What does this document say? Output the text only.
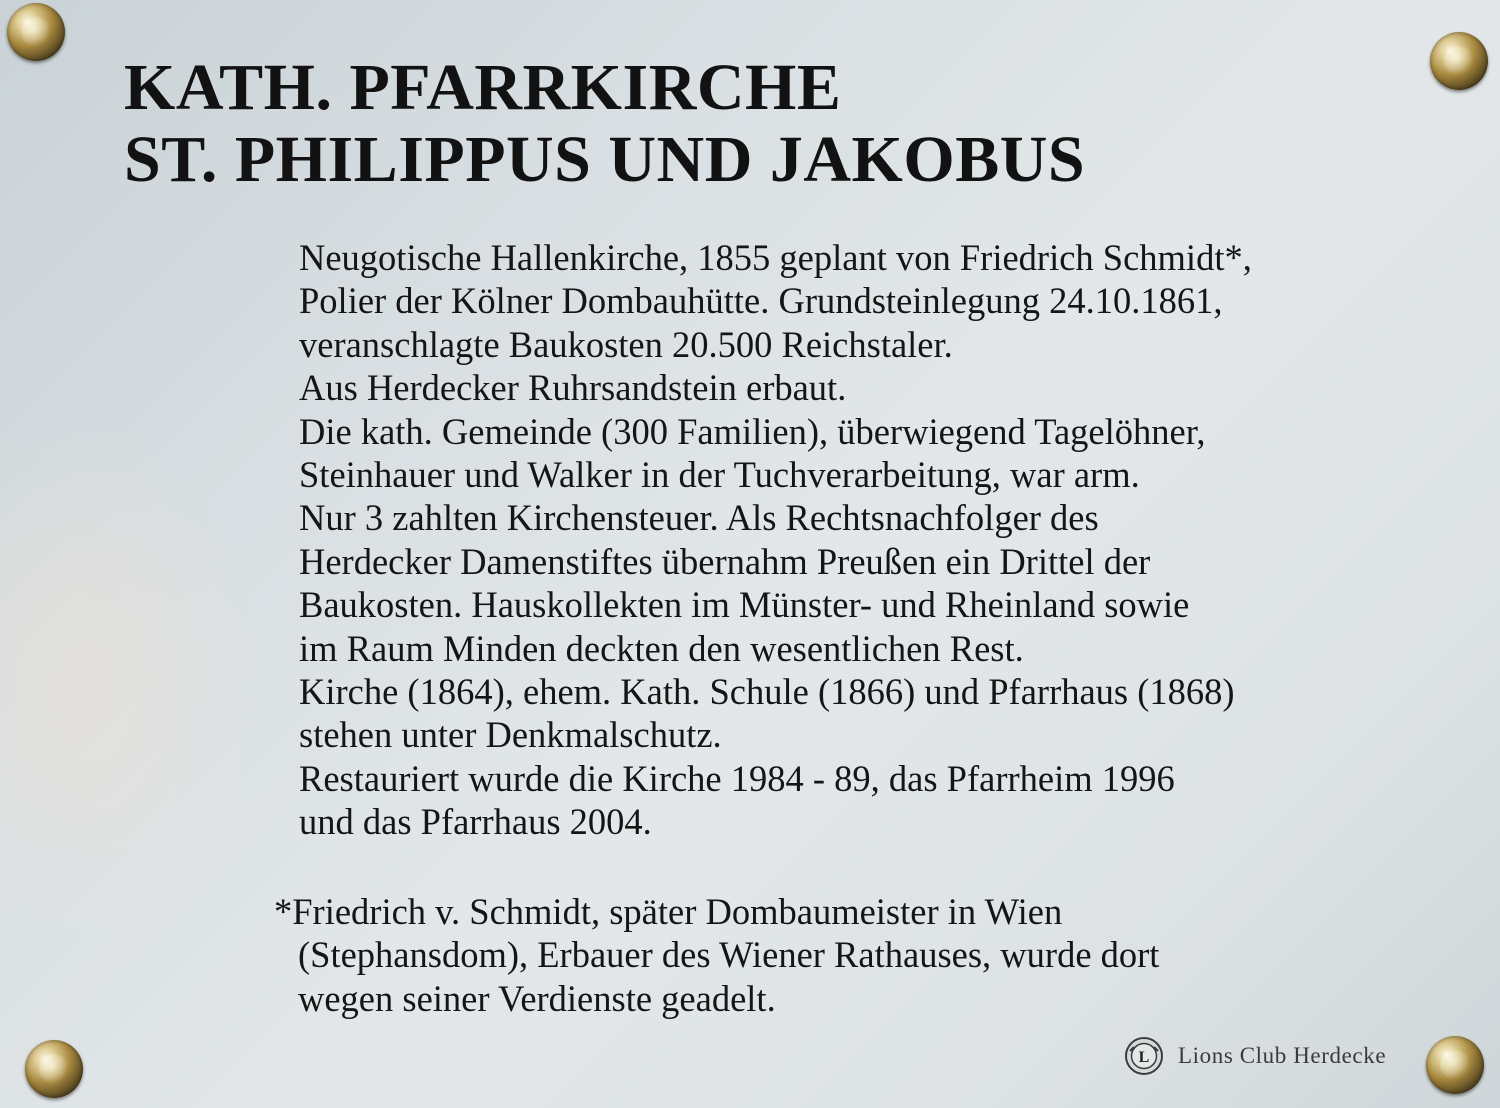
KATH. PFARRKIRCHE
ST. PHILIPPUS UND JAKOBUS
Neugotische Hallenkirche, 1855 geplant von Friedrich Schmidt*,
Polier der Kölner Dombauhütte. Grundsteinlegung 24.10.1861,
veranschlagte Baukosten 20.500 Reichstaler.
Aus Herdecker Ruhrsandstein erbaut.
Die kath. Gemeinde (300 Familien), überwiegend Tagelöhner,
Steinhauer und Walker in der Tuchverarbeitung, war arm.
Nur 3 zahlten Kirchensteuer. Als Rechtsnachfolger des
Herdecker Damenstiftes übernahm Preußen ein Drittel der
Baukosten. Hauskollekten im Münster- und Rheinland sowie
im Raum Minden deckten den wesentlichen Rest.
Kirche (1864), ehem. Kath. Schule (1866) und Pfarrhaus (1868)
stehen unter Denkmalschutz.
Restauriert wurde die Kirche 1984 - 89, das Pfarrheim 1996
und das Pfarrhaus 2004.
*Friedrich v. Schmidt, später Dombaumeister in Wien
(Stephansdom), Erbauer des Wiener Rathauses, wurde dort
wegen seiner Verdienste geadelt.
L Lions Club Herdecke
